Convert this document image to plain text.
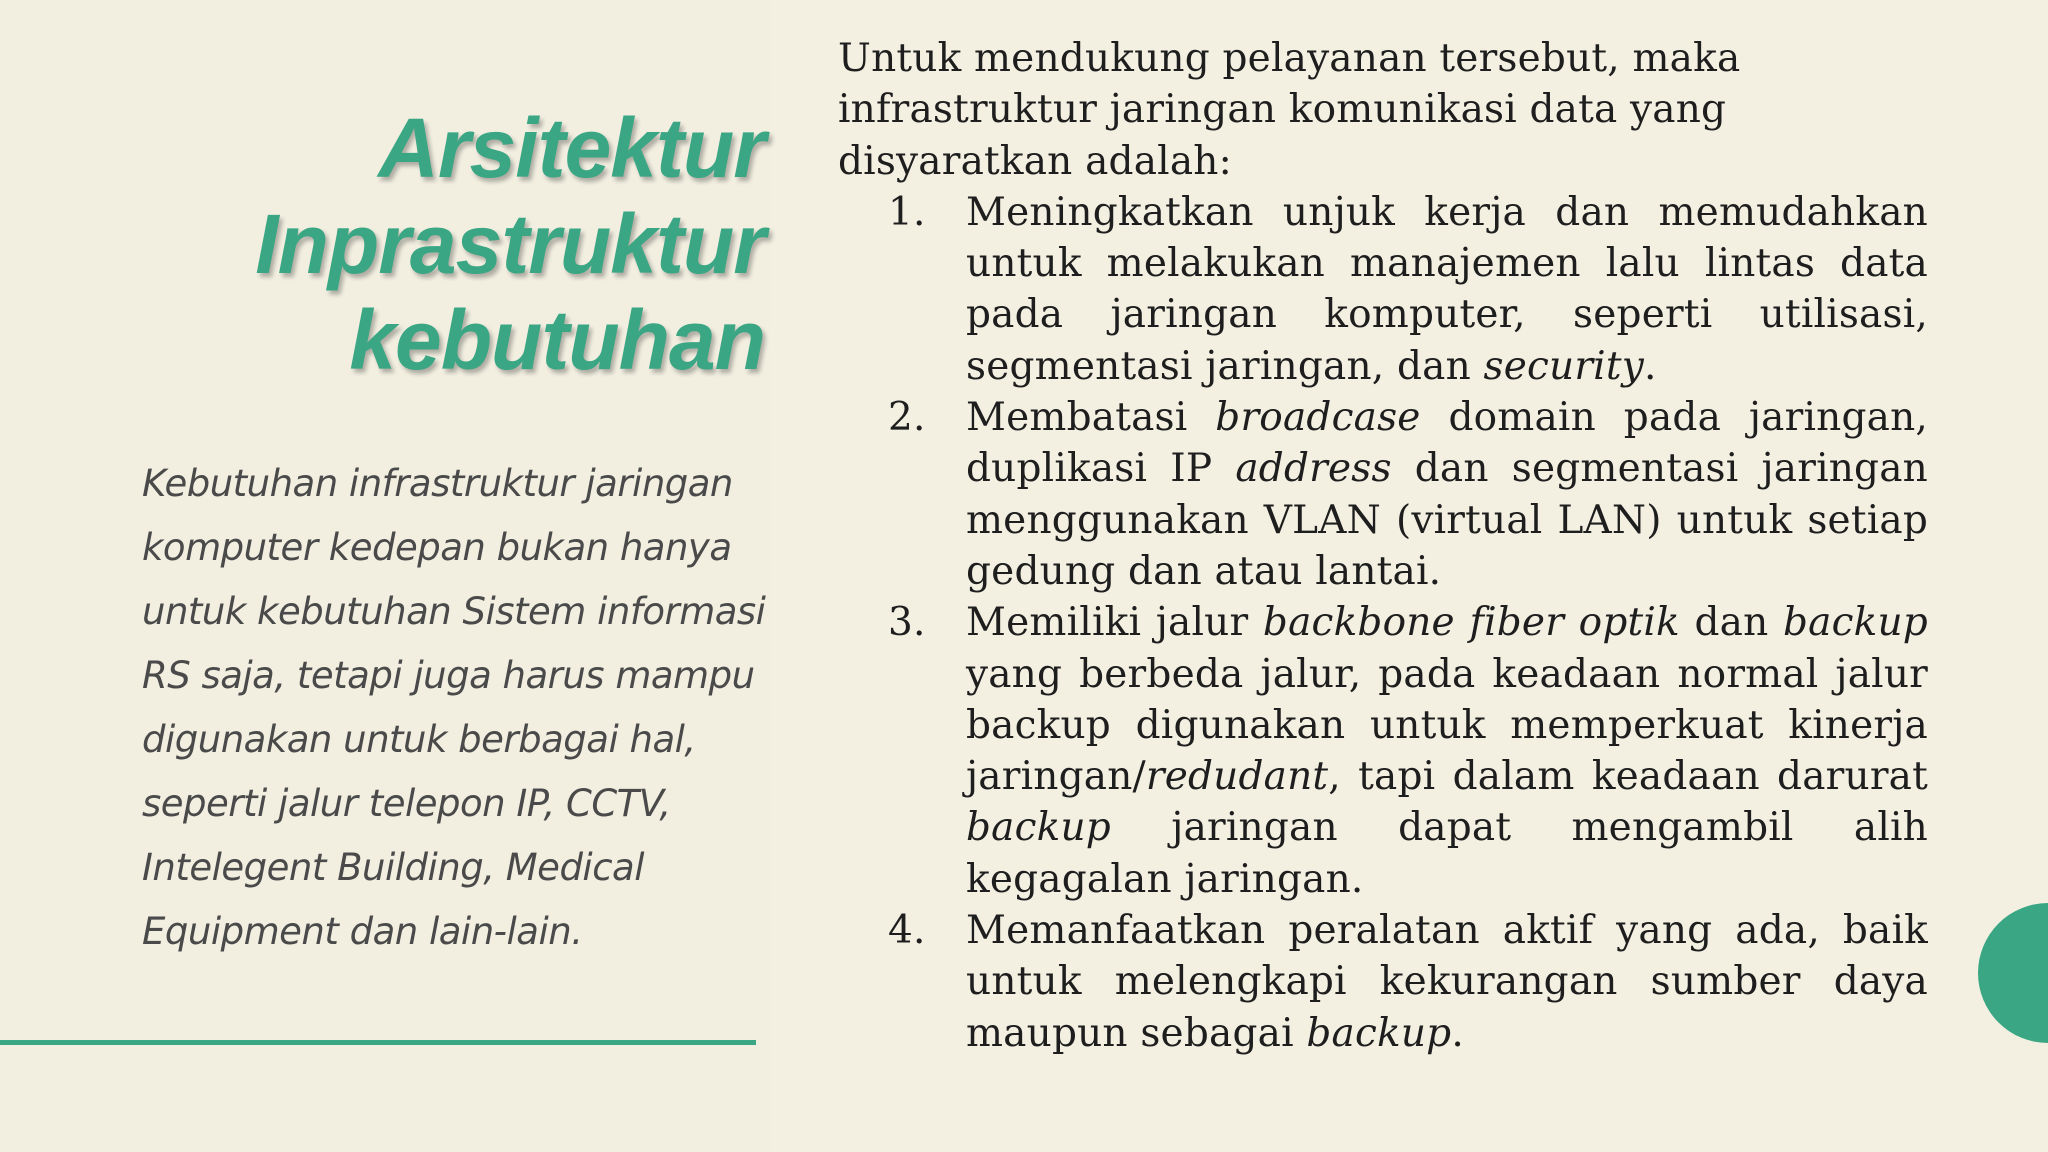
Arsitektur
Inprastruktur
kebutuhan
Kebutuhan infrastruktur jaringan
komputer kedepan bukan hanya
untuk kebutuhan Sistem informasi
RS saja, tetapi juga harus mampu
digunakan untuk berbagai hal,
seperti jalur telepon IP, CCTV,
Intelegent Building, Medical
Equipment dan lain-lain.
Untuk mendukung pelayanan tersebut, maka
infrastruktur jaringan komunikasi data yang
disyaratkan adalah:
1. Meningkatkan unjuk kerja dan memudahkan untuk melakukan manajemen lalu lintas data pada jaringan komputer, seperti utilisasi, segmentasi jaringan, dan security.
2. Membatasi broadcase domain pada jaringan, duplikasi IP address dan segmentasi jaringan menggunakan VLAN (virtual LAN) untuk setiap gedung dan atau lantai.
3. Memiliki jalur backbone fiber optik dan backup yang berbeda jalur, pada keadaan normal jalur backup digunakan untuk memperkuat kinerja jaringan/redudant, tapi dalam keadaan darurat backup jaringan dapat mengambil alih kegagalan jaringan.
4. Memanfaatkan peralatan aktif yang ada, baik untuk melengkapi kekurangan sumber daya maupun sebagai backup.
